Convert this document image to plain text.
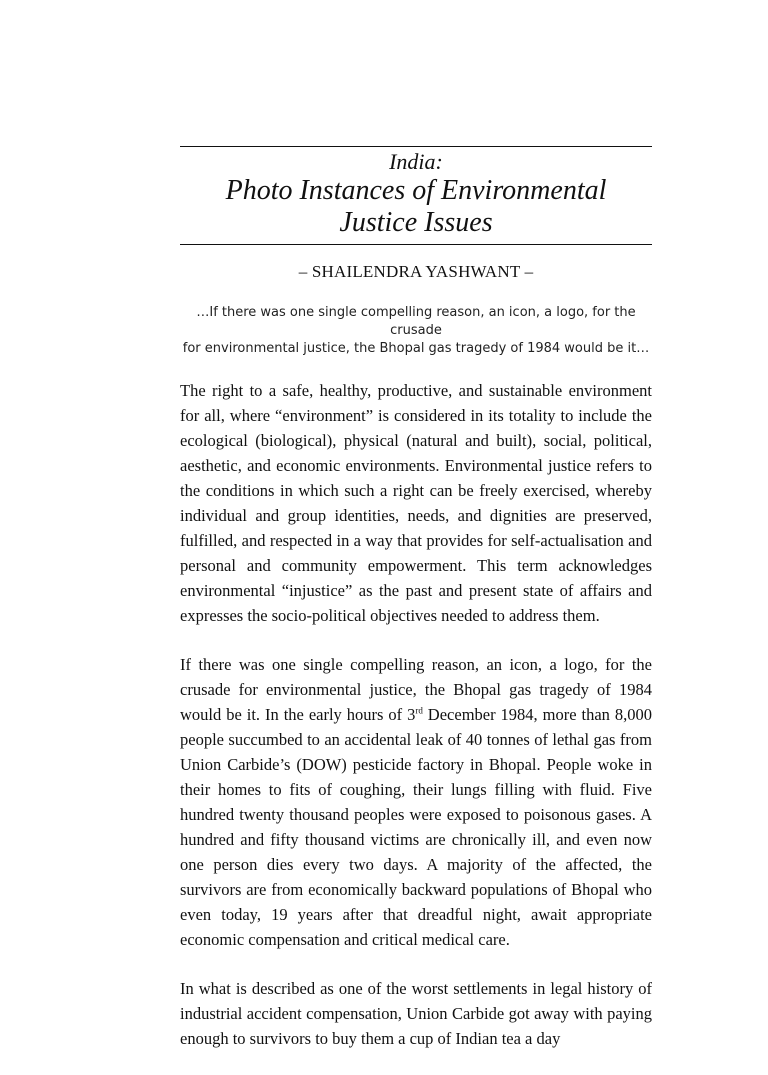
India:
Photo Instances of Environmental
Justice Issues
– SHAILENDRA YASHWANT –
…If there was one single compelling reason, an icon, a logo, for the crusade
for environmental justice, the Bhopal gas tragedy of 1984 would be it…

The right to a safe, healthy, productive, and sustainable environment for all, where “environment” is considered in its totality to include the ecological (biological), physical (natural and built), social, political, aesthetic, and economic environments. Environmental justice refers to the conditions in which such a right can be freely exercised, whereby individual and group identities, needs, and dignities are preserved, fulfilled, and respected in a way that provides for self-actualisation and personal and community empowerment. This term acknowledges environmental “injustice” as the past and present state of affairs and expresses the socio-political objectives needed to address them.

If there was one single compelling reason, an icon, a logo, for the crusade for environmental justice, the Bhopal gas tragedy of 1984 would be it. In the early hours of 3rd December 1984, more than 8,000 people succumbed to an accidental leak of 40 tonnes of lethal gas from Union Carbide’s (DOW) pesticide factory in Bhopal. People woke in their homes to fits of coughing, their lungs filling with fluid. Five hundred twenty thousand peoples were exposed to poisonous gases. A hundred and fifty thousand victims are chronically ill, and even now one person dies every two days. A majority of the affected, the survivors are from economically backward populations of Bhopal who even today, 19 years after that dreadful night, await appropriate economic compensation and critical medical care.

In what is described as one of the worst settlements in legal history of industrial accident compensation, Union Carbide got away with paying enough to survivors to buy them a cup of Indian tea a day
